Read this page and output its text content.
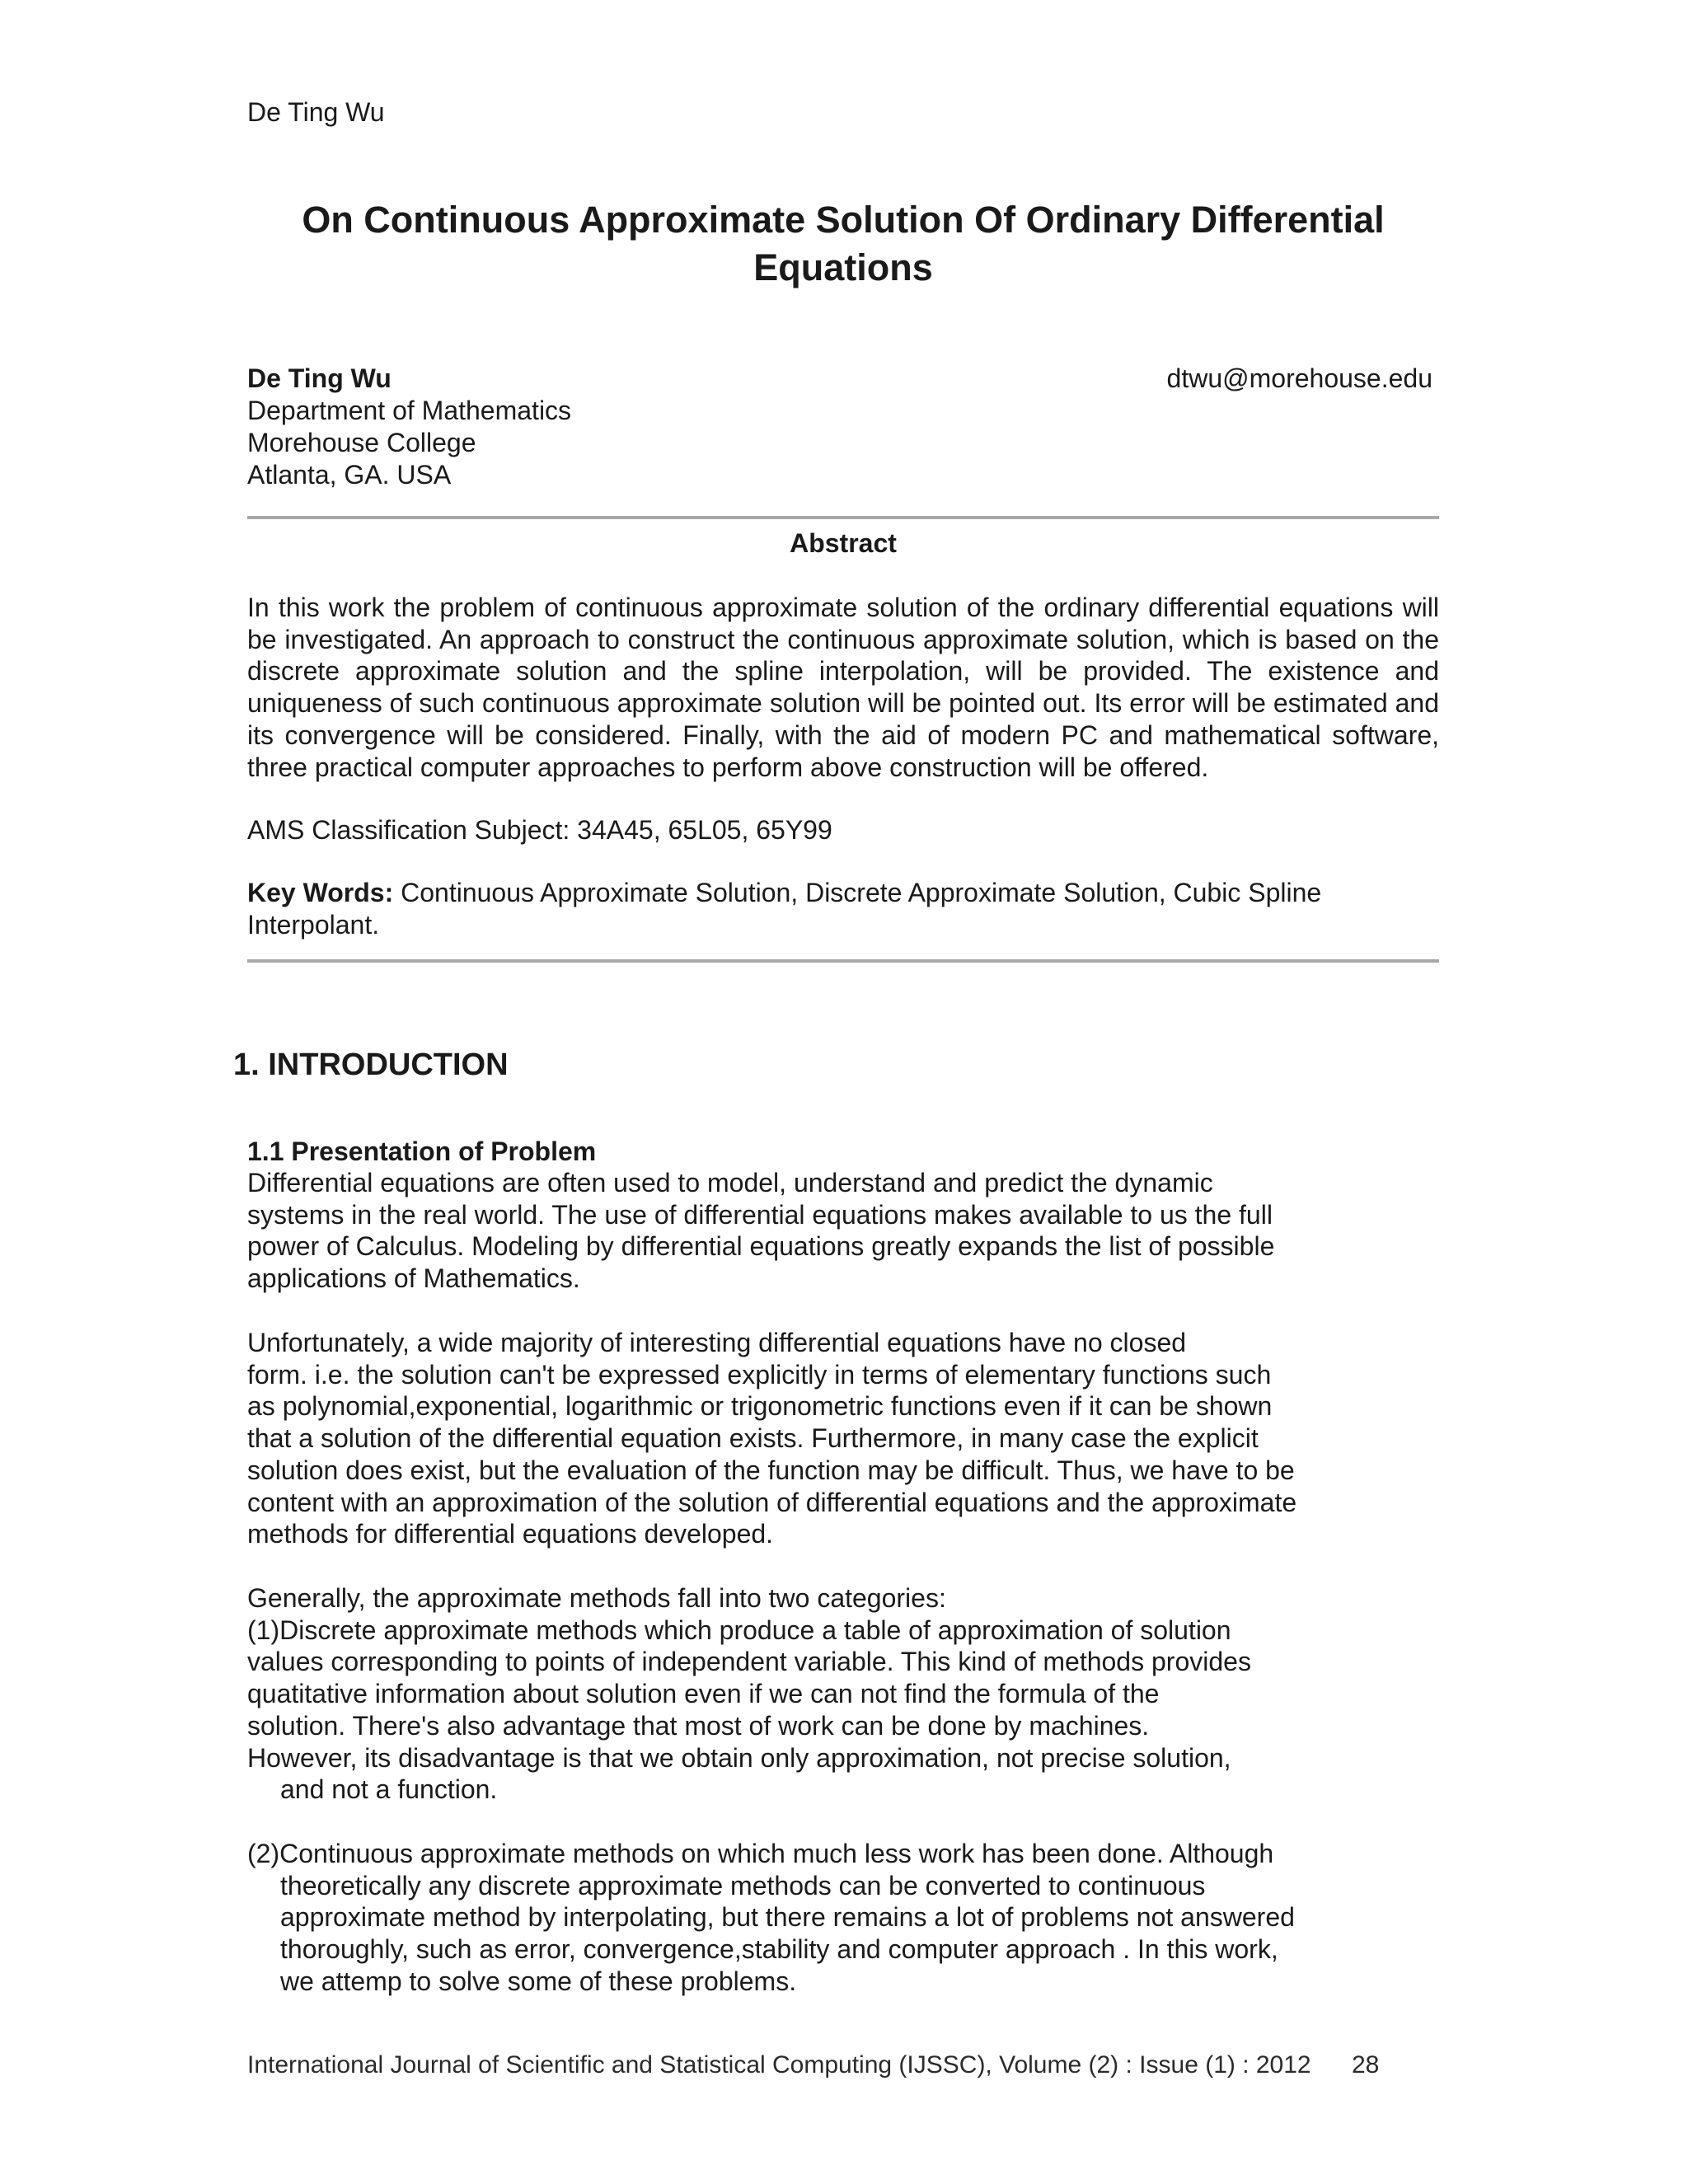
De Ting Wu
On Continuous Approximate Solution Of Ordinary Differential
Equations
De Ting Wu
Department of Mathematics
Morehouse College
Atlanta, GA. USA
dtwu@morehouse.edu
Abstract

In this work the problem of continuous approximate solution of the ordinary differential equations will be investigated. An approach to construct the continuous approximate solution, which is based on the discrete approximate solution and the spline interpolation, will be provided. The existence and uniqueness of such continuous approximate solution will be pointed out. Its error will be estimated and its convergence will be considered. Finally, with the aid of modern PC and mathematical software, three practical computer approaches to perform above construction will be offered.

AMS Classification Subject: 34A45, 65L05, 65Y99
Key Words: Continuous Approximate Solution, Discrete Approximate Solution, Cubic Spline Interpolant.
1. INTRODUCTION
1.1 Presentation of Problem

Differential equations are often used to model, understand and predict the dynamic
systems in the real world. The use of differential equations makes available to us the full
power of Calculus. Modeling by differential equations greatly expands the list of possible
applications of Mathematics.

Unfortunately, a wide majority of interesting differential equations have no closed
form. i.e. the solution can't be expressed explicitly in terms of elementary functions such
as polynomial,exponential, logarithmic or trigonometric functions even if it can be shown
that a solution of the differential equation exists. Furthermore, in many case the explicit
solution does exist, but the evaluation of the function may be difficult. Thus, we have to be
content with an approximation of the solution of differential equations and the approximate
methods for differential equations developed.

Generally, the approximate methods fall into two categories:
(1)Discrete approximate methods which produce a table of approximation of solution
values corresponding to points of independent variable. This kind of methods provides
quatitative information about solution even if we can not find the formula of the
solution. There's also advantage that most of work can be done by machines.
However, its disadvantage is that we obtain only approximation, not precise solution,

and not a function.

(2)Continuous approximate methods on which much less work has been done. Although
theoretically any discrete approximate methods can be converted to continuous
approximate method by interpolating, but there remains a lot of problems not answered
thoroughly, such as error, convergence,stability and computer approach . In this work,
we attemp to solve some of these problems.

International Journal of Scientific and Statistical Computing (IJSSC), Volume (2) : Issue (1) : 2012 28
